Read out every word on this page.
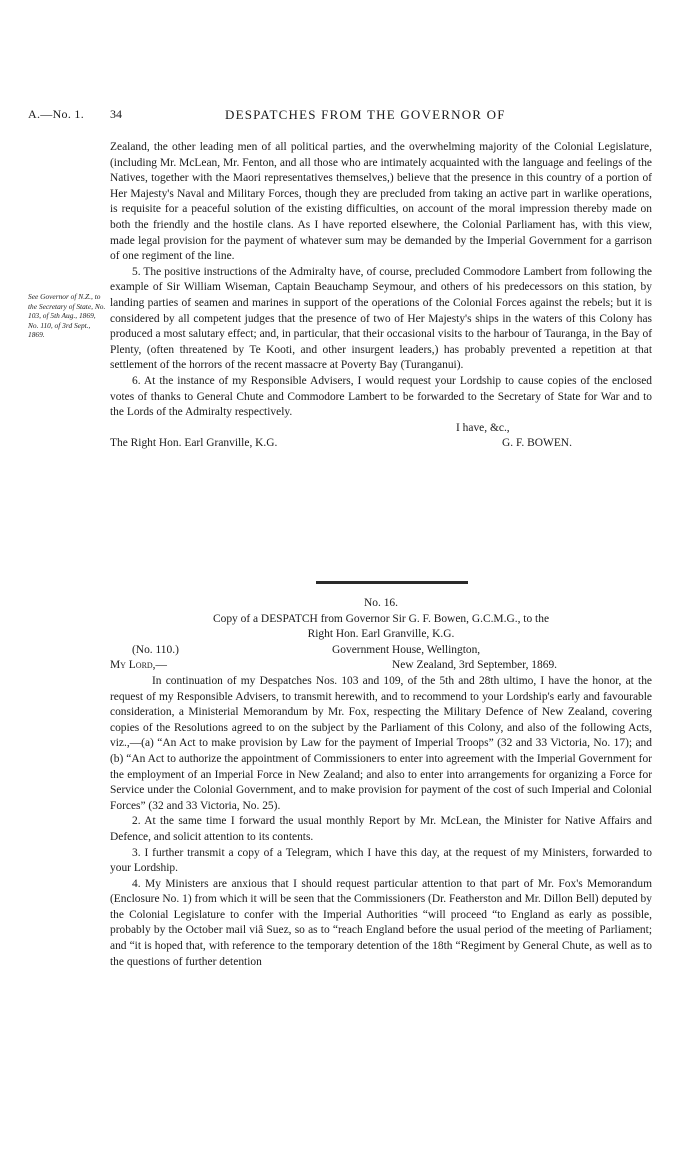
A.—No. 1. 34	DESPATCHES FROM THE GOVERNOR OF
See Governor of N.Z., to the Secretary of State, No. 103, of 5th Aug., 1869, No. 110, of 3rd Sept., 1869.

Zealand, the other leading men of all political parties, and the overwhelming majority of the Colonial Legislature, (including Mr. McLean, Mr. Fenton, and all those who are intimately acquainted with the language and feelings of the Natives, together with the Maori representatives themselves,) believe that the presence in this country of a portion of Her Majesty's Naval and Military Forces, though they are precluded from taking an active part in warlike operations, is requisite for a peaceful solution of the existing difficulties, on account of the moral impression thereby made on both the friendly and the hostile clans. As I have reported elsewhere, the Colonial Parliament has, with this view, made legal provision for the payment of whatever sum may be demanded by the Imperial Government for a garrison of one regiment of the line.

5. The positive instructions of the Admiralty have, of course, precluded Commodore Lambert from following the example of Sir William Wiseman, Captain Beauchamp Seymour, and others of his predecessors on this station, by landing parties of seamen and marines in support of the operations of the Colonial Forces against the rebels; but it is considered by all competent judges that the presence of two of Her Majesty's ships in the waters of this Colony has produced a most salutary effect; and, in particular, that their occasional visits to the harbour of Tauranga, in the Bay of Plenty, (often threatened by Te Kooti, and other insurgent leaders,) has probably prevented a repetition at that settlement of the horrors of the recent massacre at Poverty Bay (Turanganui).

6. At the instance of my Responsible Advisers, I would request your Lordship to cause copies of the enclosed votes of thanks to General Chute and Commodore Lambert to be forwarded to the Secretary of State for War and to the Lords of the Admiralty respectively.

I have, &c.,
The Right Hon. Earl Granville, K.G.	G. F. BOWEN.
No. 16.
Copy of a DESPATCH from Governor Sir G. F. Bowen, G.C.M.G., to the
Right Hon. Earl Granville, K.G.
(No. 110.)	Government House, Wellington,
My Lord,—	New Zealand, 3rd September, 1869.

In continuation of my Despatches Nos. 103 and 109, of the 5th and 28th ultimo, I have the honor, at the request of my Responsible Advisers, to transmit herewith, and to recommend to your Lordship's early and favourable consideration, a Ministerial Memorandum by Mr. Fox, respecting the Military Defence of New Zealand, covering copies of the Resolutions agreed to on the subject by the Parliament of this Colony, and also of the following Acts, viz.,—(a) “An Act to make provision by Law for the payment of Imperial Troops” (32 and 33 Victoria, No. 17); and (b) “An Act to authorize the appointment of Commissioners to enter into agreement with the Imperial Government for the employment of an Imperial Force in New Zealand; and also to enter into arrangements for organizing a Force for Service under the Colonial Government, and to make provision for payment of the cost of such Imperial and Colonial Forces” (32 and 33 Victoria, No. 25).

2. At the same time I forward the usual monthly Report by Mr. McLean, the Minister for Native Affairs and Defence, and solicit attention to its contents.

3. I further transmit a copy of a Telegram, which I have this day, at the request of my Ministers, forwarded to your Lordship.

4. My Ministers are anxious that I should request particular attention to that part of Mr. Fox's Memorandum (Enclosure No. 1) from which it will be seen that the Commissioners (Dr. Featherston and Mr. Dillon Bell) deputed by the Colonial Legislature to confer with the Imperial Authorities “will proceed “to England as early as possible, probably by the October mail viâ Suez, so as to “reach England before the usual period of the meeting of Parliament; and “it is hoped that, with reference to the temporary detention of the 18th “Regiment by General Chute, as well as to the questions of further detention
